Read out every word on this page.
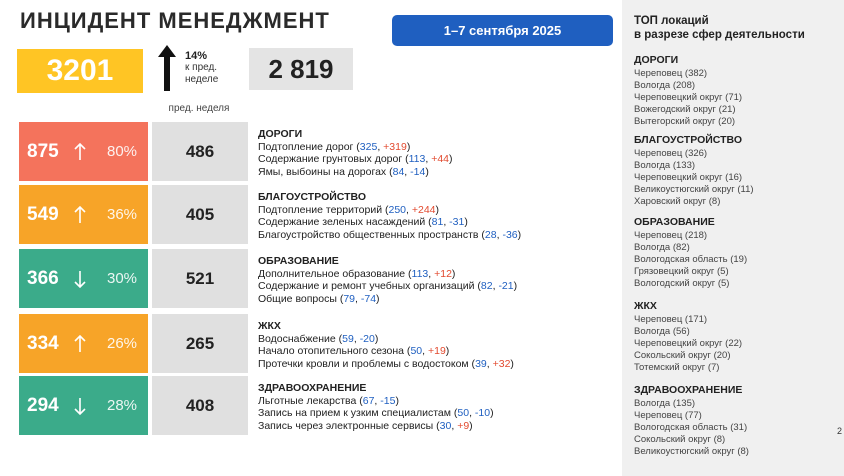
ИНЦИДЕНТ МЕНЕДЖМЕНТ	1–7 сентября 2025
3201	14%
к пред.
неделе	2 819
пред. неделя
875	80%	486
ДОРОГИ
Подтопление дорог (325, +319)
Содержание грунтовых дорог (113, +44)
Ямы, выбоины на дорогах (84, -14)
549	36%	405
БЛАГОУСТРОЙСТВО
Подтопление территорий (250, +244)
Содержание зеленых насаждений (81, -31)
Благоустройство общественных пространств (28, -36)
366	30%	521
ОБРАЗОВАНИЕ
Дополнительное образование (113, +12)
Содержание и ремонт учебных организаций (82, -21)
Общие вопросы (79, -74)
334	26%	265
ЖКХ
Водоснабжение (59, -20)
Начало отопительного сезона (50, +19)
Протечки кровли и проблемы с водостоком (39, +32)
294	28%	408
ЗДРАВООХРАНЕНИЕ
Льготные лекарства (67, -15)
Запись на прием к узким специалистам (50, -10)
Запись через электронные сервисы (30, +9)
ТОП локаций
в разрезе сфер деятельности
ДОРОГИ
Череповец (382)
Вологда (208)
Череповецкий округ (71)
Вожегодский округ (21)
Вытегорский округ (20)
БЛАГОУСТРОЙСТВО
Череповец (326)
Вологда (133)
Череповецкий округ (16)
Великоустюгский округ (11)
Харовский округ (8)
ОБРАЗОВАНИЕ
Череповец (218)
Вологда (82)
Вологодская область (19)
Грязовецкий округ (5)
Вологодский округ (5)
ЖКХ
Череповец (171)
Вологда (56)
Череповецкий округ (22)
Сокольский округ (20)
Тотемский округ (7)
ЗДРАВООХРАНЕНИЕ
Вологда (135)
Череповец (77)
Вологодская область (31)
Сокольский округ (8)
Великоустюгский округ (8)
2
